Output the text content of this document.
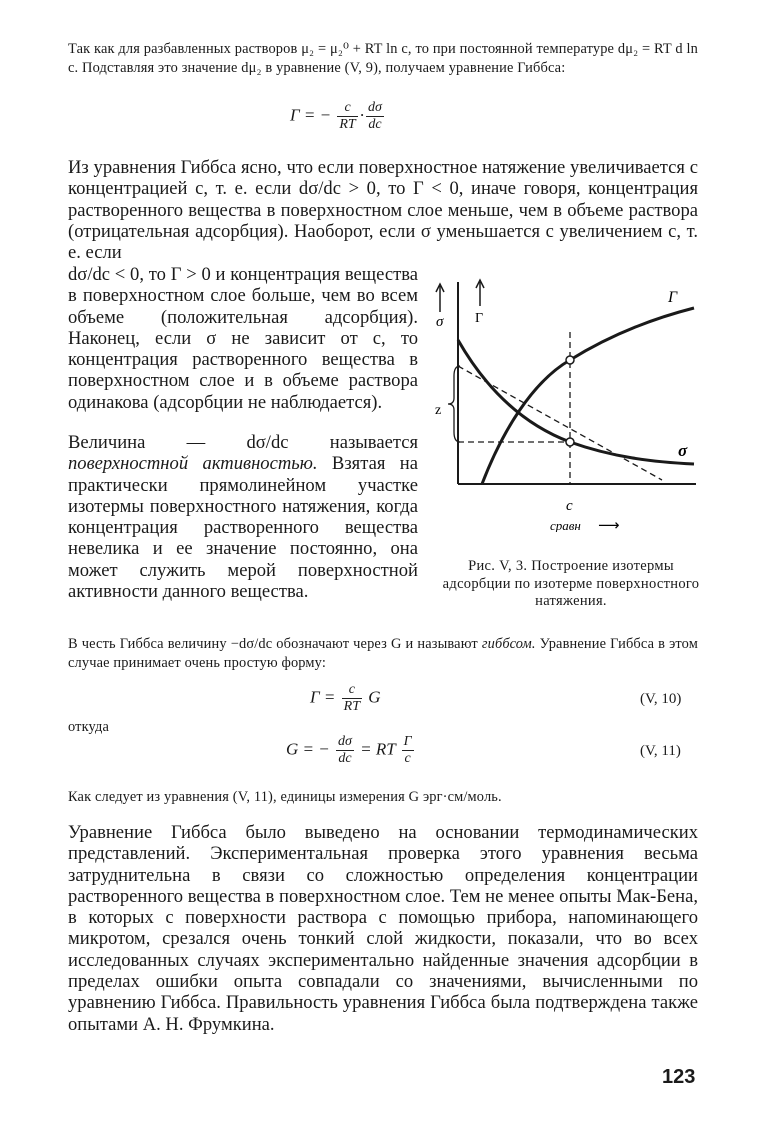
Так как для разбавленных растворов μ₂ = μ₂⁰ + RT ln c, то при постоянной температуре dμ₂ = RT d ln c. Подставляя это значение dμ₂ в уравнение (V, 9), получаем уравнение Гиббса:
Γ = − $\frac{c}{RT} \cdot \frac{d\sigma}{dc}$
Из уравнения Гиббса ясно, что если поверхностное натяжение увеличивается с концентрацией c, т. е. если dσ/dc > 0, то Γ < 0, иначе говоря, концентрация растворенного вещества в поверхностном слое меньше, чем в объеме раствора (отрицательная адсорбция). Наоборот, если σ уменьшается с увеличением c, т. е. если
dσ/dc < 0, то Γ > 0 и концентрация вещества в поверхностном слое больше, чем во всем объеме (положительная адсорбция). Наконец, если σ не зависит от c, то концентрация растворенного вещества в поверхностном слое и в объеме раствора одинакова (адсорбции не наблюдается).
Величина — dσ/dc называется поверхностной активностью. Взятая на практически прямолинейном участке изотермы поверхностного натяжения, когда концентрация растворенного вещества невелика и ее значение постоянно, она может служить мерой поверхностной активности данного вещества.
σ Γ
Γ
σ
z
c
cравн ⟶
Рис. V, 3. Построение изотермы адсорбции по изотерме поверхностного натяжения.
В честь Гиббса величину −dσ/dc обозначают через G и называют гиббсом. Уравнение Гиббса в этом случае принимает очень простую форму:
$\Gamma = \frac{c}{RT}$ G	(V, 10)
откуда
G = − $\frac{d\sigma}{dc}$ = RT $\frac{\Gamma}{c}$	(V, 11)
Как следует из уравнения (V, 11), единицы измерения G эрг·см/моль.
Уравнение Гиббса было выведено на основании термодинамических представлений. Экспериментальная проверка этого уравнения весьма затруднительна в связи со сложностью определения концентрации растворенного вещества в поверхностном слое. Тем не менее опыты Мак-Бена, в которых с поверхности раствора с помощью прибора, напоминающего микротом, срезался очень тонкий слой жидкости, показали, что во всех исследованных случаях экспериментально найденные значения адсорбции в пределах ошибки опыта совпадали со значениями, вычисленными по уравнению Гиббса. Правильность уравнения Гиббса была подтверждена также опытами А. Н. Фрумкина.
123
